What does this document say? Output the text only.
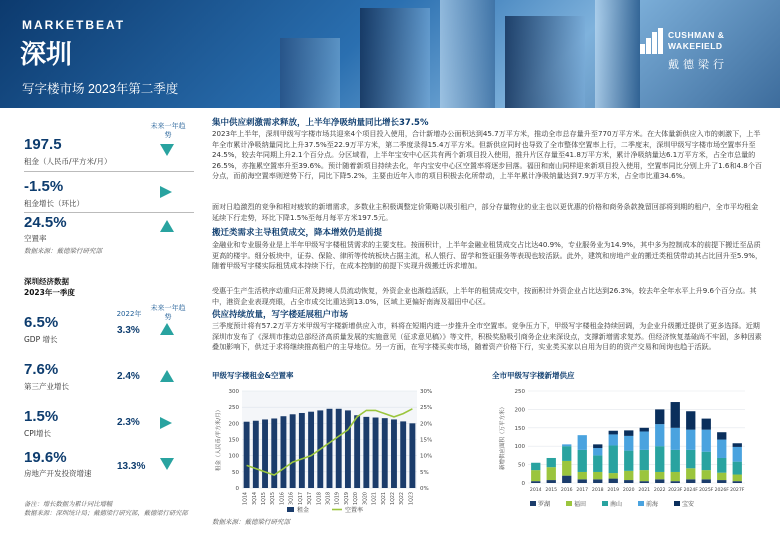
MARKETBEAT
深圳
写字楼市场 2023年第二季度
CUSHMAN &
WAKEFIELD
戴德梁行
未来一年趋势
197.5
租金（人民币/平方米/月）
-1.5%
租金增长（环比）
24.5%
空置率
数据来源：戴德梁行研究部
深圳经济数据
2023年一季度
2022年
未来一年趋势
6.5%
GDP 增长
3.3%
7.6%
第三产业增长
2.4%
1.5%
CPI增长
2.3%
19.6%
房地产开发投资增速
13.3%
备注：增长数据为累计同比增幅
数据来源：深圳统计局；戴德梁行研究部，戴德梁行研究部
集中供应刺激需求释放，上半年净吸纳量同比增长37.5%
2023年上半年，深圳甲级写字楼市场共迎来4个项目投入使用，合计新增办公面积达到45.7万平方米，推动全市总存量升至770万平方米。在大体量新供应入市的刺激下，上半年全市累计净吸纳量同比上升37.5%至22.9万平方米，第二季度录得15.4万平方米。但新供应同时也导致了全市整体空置率上行，二季度末，深圳甲级写字楼市场空置率升至24.5%，较去年同期上升2.1个百分点。分区域看，上半年宝安中心区共有两个新项目投入使用，推升片区存量至41.8万平方米，累计净吸纳量达6.1万平方米，占全市总量的26.5%，亦拖累空置率升至39.6%。预计随着新项目持续去化，年内宝安中心区空置率将逐步回落。福田和南山同样迎来新项目投入使用，空置率同比分别上升了1.6和4.8个百分点，而前海空置率则逆势下行，同比下降5.2%，主要由近年入市的项目积极去化所带动，上半年累计净吸纳量达到7.9万平方米，占全市比重34.6%。
面对日趋激烈的竞争和相对疲软的新增需求，多数业主积极调整定价策略以吸引租户，部分存量物业的业主也以更优惠的价格和商务条款挽留回部将到期的租户，全市平均租金延续下行走势，环比下降1.5%至每月每平方米197.5元。
搬迁类需求主导租赁成交，降本增效仍是前提
金融业和专业服务业是上半年甲级写字楼租赁需求的主要支柱。按面积计，上半年金融业租赁成交占比达40.9%，专业服务业为14.9%，其中多为控制成本的前提下搬迁至品质更高的楼宇。细分板块中，证券、保险、律所等传统板块占据主流，私人银行、留学和签证服务等表现也较活跃。此外，建筑和房地产业的搬迁类租赁带动其占比回升至5.9%，随着甲级写字楼实际租赁成本持续下行，在成本控制的前提下实现升级搬迁诉求增加。
受惠于生产生活秩序动重归正常及跨境人员流动恢复，外资企业也渐趋活跃，上半年的租赁成交中，按面积计外资企业占比达到26.3%，较去年全年水平上升9.6个百分点。其中，港资企业表现亮眼，占全市成交比重达到13.0%，区域上更偏好南海及福田中心区。
供应持续放量，写字楼延展租户市场
三季度预计将有57.2万平方米甲级写字楼新增供应入市，料将在短期内进一步推升全市空置率。竞争压力下，甲级写字楼租金持续回调，为企业升级搬迁提供了更多选择。近期深圳市发布了《深圳市推动总部经济高质量发展的实施意见（征求意见稿）》等文件，积极奖励吸引商务企业来深设点，支撑新增需求复苏。但经济恢复基础尚不牢固，多种因素叠加影响下，供过于求将继续推高租户的主导地位。另一方面，在写字楼买卖市场，随着资产价格下行，实业类买家以自用为目的的资产交易和间询也趋于活跃。
甲级写字楼租金&空置率
0
50
100
150
200
250
300
0%
5%
10%
15%
20%
25%
30%
1Q14 3Q14 1Q15 3Q15 1Q16 3Q16 1Q17 3Q17 1Q18 3Q18 1Q19 3Q19 1Q20 3Q20 1Q21 3Q21 1Q22 3Q22 1Q23
租金（人民币/平方米/月）
租金	空置率
全市甲级写字楼新增供应
0
50
100
150
200
250
2014 2015 2016 2017 2018 2019 2020 2021 2022 2023F 2024F 2025F 2026F 2027F
新增供应面积（万平方米）
罗湖	福田	南山	前海	宝安
数据来源：戴德梁行研究部
